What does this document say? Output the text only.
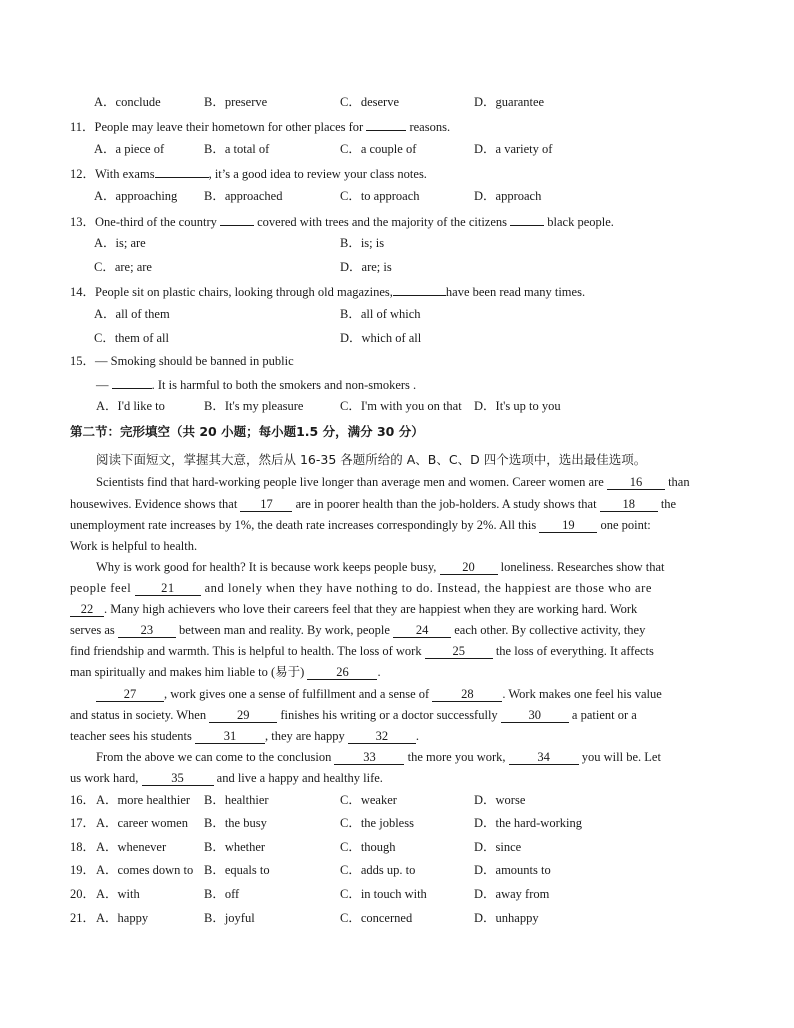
A．conclude	B．preserve	C．deserve	D．guarantee
11．People may leave their hometown for other places for	reasons.
A．a piece of	B．a total of	C．a couple of	D．a variety of
12．With exams	, it’s a good idea to review your class notes.
A．approaching B．approached	C．to approach	D．approach
13．One-third of the country	covered with trees and the majority of the citizens	black people.
A．is; are	B．is; is
C．are; are	D．are; is
14．People sit on plastic chairs, looking through old magazines,	have been read many times.
A．all of them	B．all of which
C．them of all	D．which of all
15．— Smoking should be banned in public
—	. It is harmful to both the smokers and non-smokers .
A．I'd like to	B．It's my pleasure	C．I'm with you on that D．It's up to you
第二节：完形填空（共 20 小题；每小题1.5 分，满分 30 分）
阅读下面短文，掌握其大意，然后从 16-35 各题所给的 A、B、C、D 四个选项中，选出最佳选项。
Scientists find that hard-working people live longer than average men and women. Career women are 16 than
housewives. Evidence shows that 17 are in poorer health than the job-holders. A study shows that 18 the
unemployment rate increases by 1%, the death rate increases correspondingly by 2%. All this 19 one point:
Work is helpful to health.
Why is work good for health? It is because work keeps people busy, 20 loneliness. Researches show that
people feel 21 and lonely when they have nothing to do. Instead, the happiest are those who are
22 . Many high achievers who love their careers feel that they are happiest when they are working hard. Work
serves as 23 between man and reality. By work, people 24 each other. By collective activity, they
find friendship and warmth. This is helpful to health. The loss of work 25 the loss of everything. It affects
man spiritually and makes him liable to (易于) 26 .
27 , work gives one a sense of fulfillment and a sense of 28 . Work makes one feel his value
and status in society. When 29 finishes his writing or a doctor successfully 30 a patient or a
teacher sees his students 31 , they are happy 32 .
From the above we can come to the conclusion 33 the more you work, 34 you will be. Let
us work hard, 35 and live a happy and healthy life.
16． A．more healthier B．healthier	C．weaker	D．worse
17． A．career women B．the busy	C．the jobless	D．the hard-working
18． A．whenever	B．whether	C．though	D．since
19． A．comes down to B．equals to	C．adds up. to	D．amounts to
20． A．with	B．off	C．in touch with	D．away from
21． A．happy	B．joyful	C．concerned	D．unhappy
